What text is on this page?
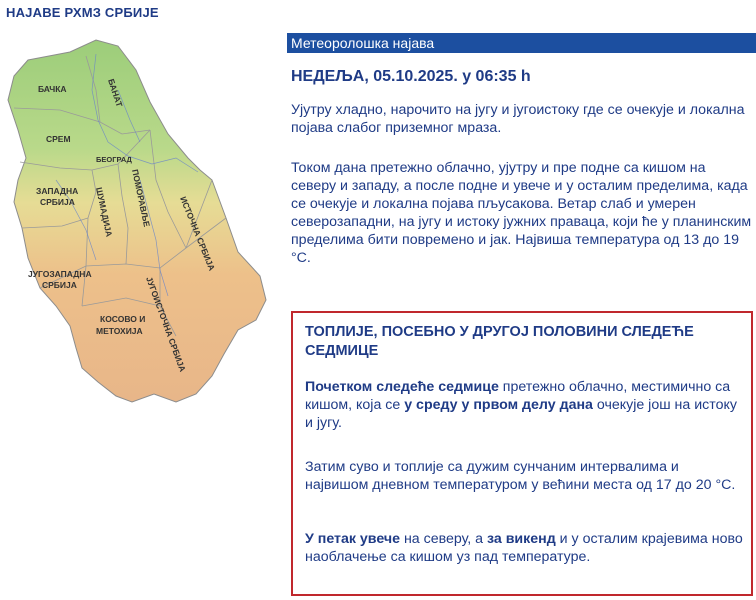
НАЈАВЕ РХМЗ СРБИЈЕ
БАЧКА	БАНАТ
СРЕМ
БЕОГРАД
ЗАПАДНА
СРБИЈА	ПОМОРАВЉЕ
ШУМАДИЈА	ИСТОЧНА СРБИЈА
ЈУГОЗАПАДНА
СРБИЈА	ЈУГОИСТОЧНА СРБИЈА
КОСОВО И
МЕТОХИЈА
Метеоролошка најава
НЕДЕЉА, 05.10.2025. у 06:35 h

Ујутру хладно, нарочито на југу и југоистоку где се очекује и локална појава слабог приземног мраза.

Током дана претежно облачно, ујутру и пре подне са кишом на северу и западу, а после подне и увече и у осталим пределима, када се очекује и локална појава пљусакова. Ветар слаб и умерен северозападни, на југу и истоку јужних праваца, који ће у планинским пределима бити повремено и јак. Највиша температура од 13 до 19 °C.

ТОПЛИЈЕ, ПОСЕБНО У ДРУГОЈ ПОЛОВИНИ СЛЕДЕЋЕ СЕДМИЦЕ

Почетком следеће седмице претежно облачно, местимично са кишом, која се у среду у првом делу дана очекује још на истоку и југу.

Затим суво и топлије са дужим сунчаним интервалима и највишом дневном температуром у већини места од 17 до 20 °C.

У петак увече на северу, а за викенд и у осталим крајевима ново наоблачење са кишом уз пад температуре.
